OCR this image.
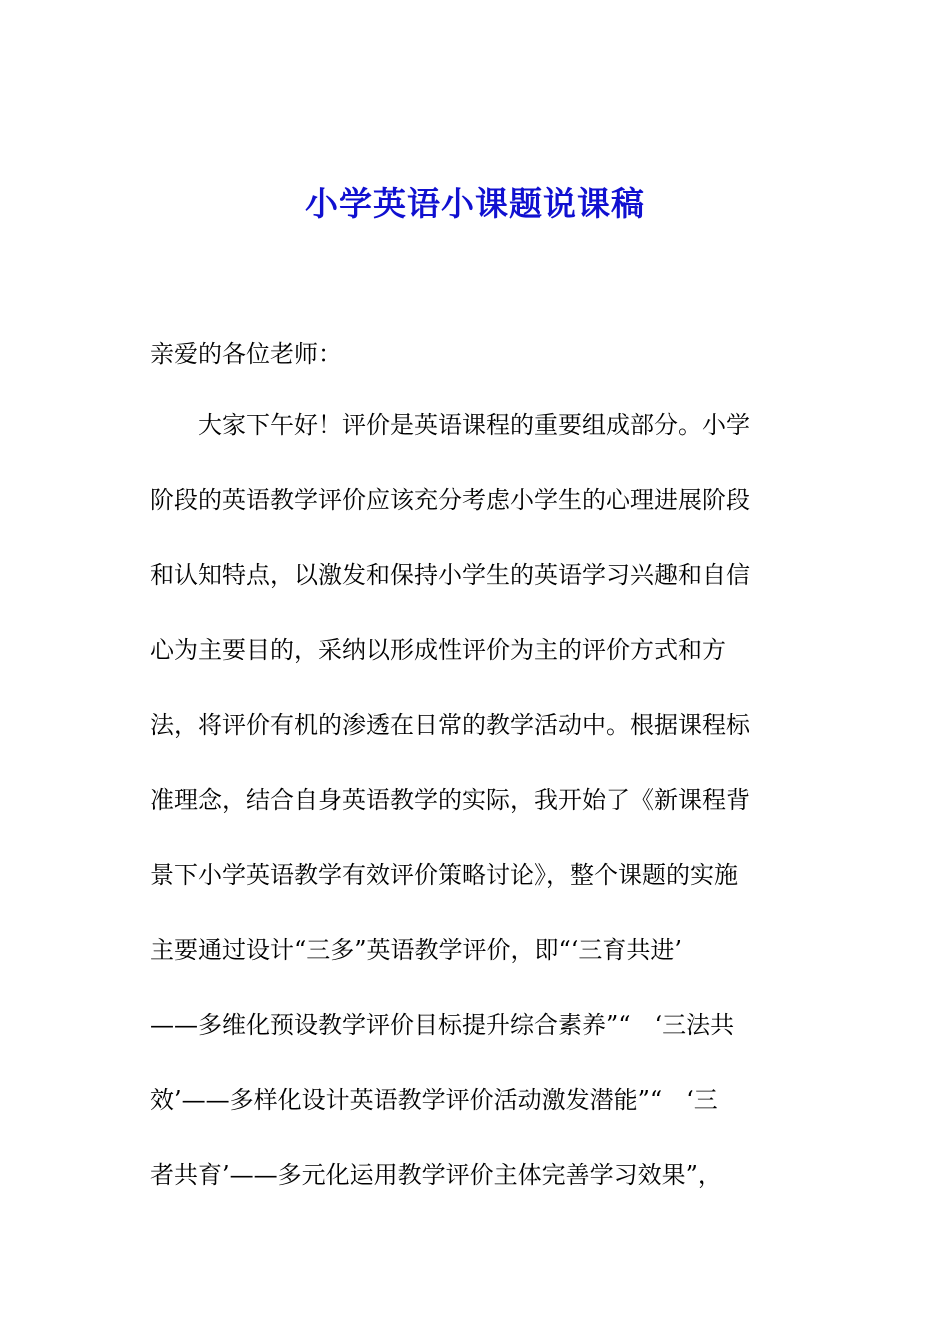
小学英语小课题说课稿

亲爱的各位老师：

　　大家下午好！评价是英语课程的重要组成部分。小学

阶段的英语教学评价应该充分考虑小学生的心理进展阶段

和认知特点，以激发和保持小学生的英语学习兴趣和自信

心为主要目的，采纳以形成性评价为主的评价方式和方

法，将评价有机的渗透在日常的教学活动中。根据课程标

准理念，结合自身英语教学的实际，我开始了《新课程背

景下小学英语教学有效评价策略讨论》，整个课题的实施

主要通过设计“三多”英语教学评价，即“‘三育共进’

——多维化预设教学评价目标提升综合素养”“　‘三法共

效’——多样化设计英语教学评价活动激发潜能”“　‘三

者共育’——多元化运用教学评价主体完善学习效果”，
